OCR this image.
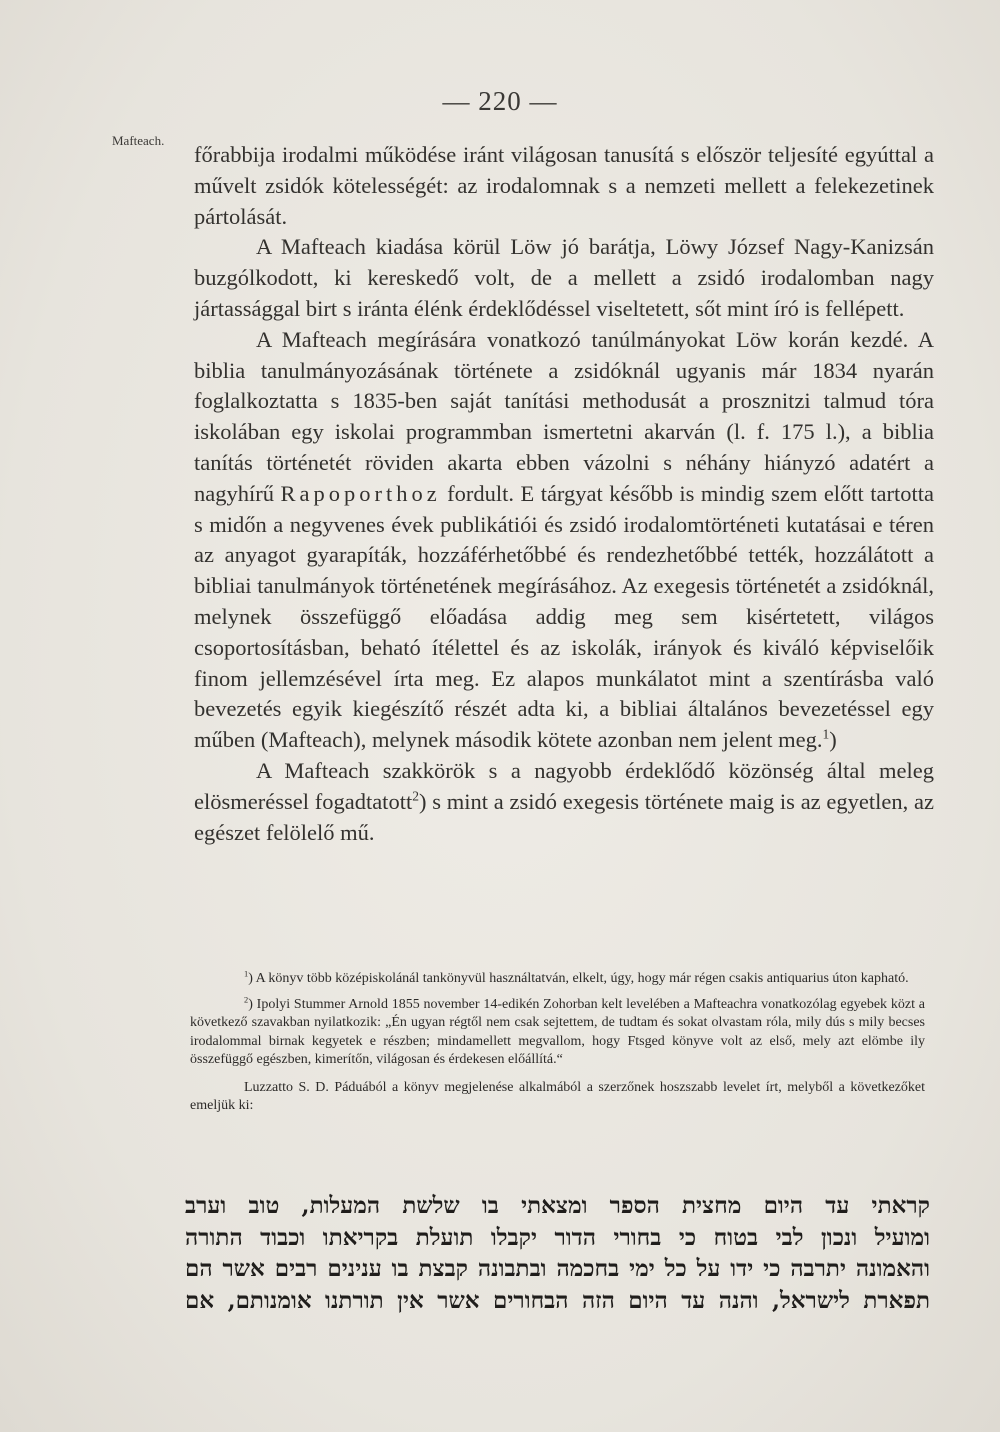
— 220 —
Mafteach.

főrabbija irodalmi működése iránt világosan tanusítá s először teljesíté egyúttal a művelt zsidók kötelességét: az irodalomnak s a nemzeti mellett a felekezetinek pártolását.

A Mafteach kiadása körül Löw jó barátja, Löwy József Nagy-Kanizsán buzgólkodott, ki kereskedő volt, de a mellett a zsidó irodalomban nagy jártassággal birt s iránta élénk érdeklődéssel viseltetett, sőt mint író is fellépett.

A Mafteach megírására vonatkozó tanúlmányokat Löw korán kezdé. A biblia tanulmányozásának története a zsidóknál ugyanis már 1834 nyarán foglalkoztatta s 1835-ben saját tanítási methodusát a prosznitzi talmud tóra iskolában egy iskolai programmban ismertetni akarván (l. f. 175 l.), a biblia tanítás történetét röviden akarta ebben vázolni s néhány hiányzó adatért a nagyhírű Rapoporthoz fordult. E tárgyat később is mindig szem előtt tartotta s midőn a negyvenes évek publikátiói és zsidó irodalomtörténeti kutatásai e téren az anyagot gyarapíták, hozzáférhetőbbé és rendezhetőbbé tették, hozzálátott a bibliai tanulmányok történetének megírásához. Az exegesis történetét a zsidóknál, melynek összefüggő előadása addig meg sem kisértetett, világos csoportosításban, beható ítélettel és az iskolák, irányok és kiváló képviselőik finom jellemzésével írta meg. Ez alapos munkálatot mint a szentírásba való bevezetés egyik kiegészítő részét adta ki, a bibliai általános bevezetéssel egy műben (Mafteach), melynek második kötete azonban nem jelent meg.$^1$)

A Mafteach szakkörök s a nagyobb érdeklődő közönség által meleg elösmeréssel fogadtatott$^2$) s mint a zsidó exegesis története maig is az egyetlen, az egészet felölelő mű.

$^1$) A könyv több középiskolánál tankönyvül használtatván, elkelt, úgy, hogy már régen csakis antiquarius úton kapható.

$^2$) Ipolyi Stummer Arnold 1855 november 14-edikén Zohorban kelt levelében a Mafteachra vonatkozólag egyebek közt a következő szavakban nyilatkozik: „Én ugyan régtől nem csak sejtettem, de tudtam és sokat olvastam róla, mily dús s mily becses irodalommal birnak kegyetek e részben; mindamellett megvallom, hogy Ftsged könyve volt az első, mely azt elömbe ily összefüggő egészben, kimerítőn, világosan és érdekesen előállítá.“

Luzzatto S. D. Páduából a könyv megjelenése alkalmából a szerzőnek hoszszabb levelet írt, melyből a következőket emeljük ki:

קראתי עד היום מחצית הספר ומצאתי בו שלשת המעלות, טוב וערב
ומועיל ונכון לבי בטוח כי בחורי הדור יקבלו תועלת בקריאתו וכבוד התורה
והאמונה יתרבה כי ידו על כל ימי בחכמה ובתבונה קבצת בו ענינים רבים אשר הם
תפארת לישראל, והנה עד היום הזה הבחורים אשר אין תורתנו אומנותם, אם
